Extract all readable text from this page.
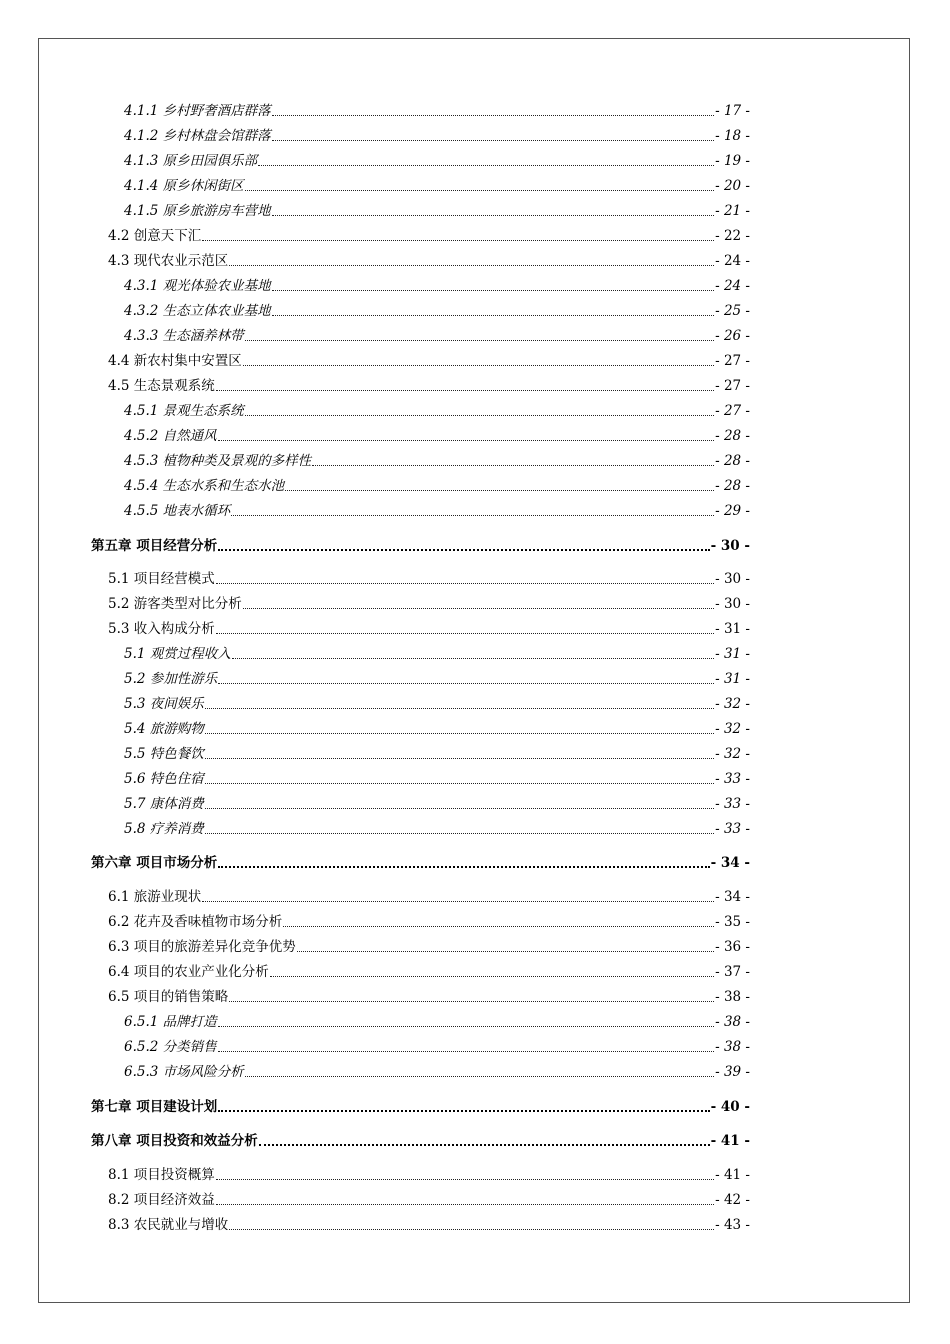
4.1.1 乡村野奢酒店群落	- 17 -
4.1.2 乡村林盘会馆群落	- 18 -
4.1.3 原乡田园俱乐部	- 19 -
4.1.4 原乡休闲街区	- 20 -
4.1.5 原乡旅游房车营地	- 21 -
4.2 创意天下汇	- 22 -
4.3 现代农业示范区	- 24 -
4.3.1 观光体验农业基地	- 24 -
4.3.2 生态立体农业基地	- 25 -
4.3.3 生态涵养林带	- 26 -
4.4 新农村集中安置区	- 27 -
4.5 生态景观系统	- 27 -
4.5.1 景观生态系统	- 27 -
4.5.2 自然通风	- 28 -
4.5.3 植物种类及景观的多样性	- 28 -
4.5.4 生态水系和生态水池	- 28 -
4.5.5 地表水循环	- 29 -
第五章 项目经营分析	- 30 -
5.1 项目经营模式	- 30 -
5.2 游客类型对比分析	- 30 -
5.3 收入构成分析	- 31 -
5.1 观赏过程收入	- 31 -
5.2 参加性游乐	- 31 -
5.3 夜间娱乐	- 32 -
5.4 旅游购物	- 32 -
5.5 特色餐饮	- 32 -
5.6 特色住宿	- 33 -
5.7 康体消费	- 33 -
5.8 疗养消费	- 33 -
第六章 项目市场分析	- 34 -
6.1 旅游业现状	- 34 -
6.2 花卉及香味植物市场分析	- 35 -
6.3 项目的旅游差异化竞争优势	- 36 -
6.4 项目的农业产业化分析	- 37 -
6.5 项目的销售策略	- 38 -
6.5.1 品牌打造	- 38 -
6.5.2 分类销售	- 38 -
6.5.3 市场风险分析	- 39 -
第七章 项目建设计划	- 40 -
第八章 项目投资和效益分析	- 41 -
8.1 项目投资概算	- 41 -
8.2 项目经济效益	- 42 -
8.3 农民就业与增收	- 43 -
